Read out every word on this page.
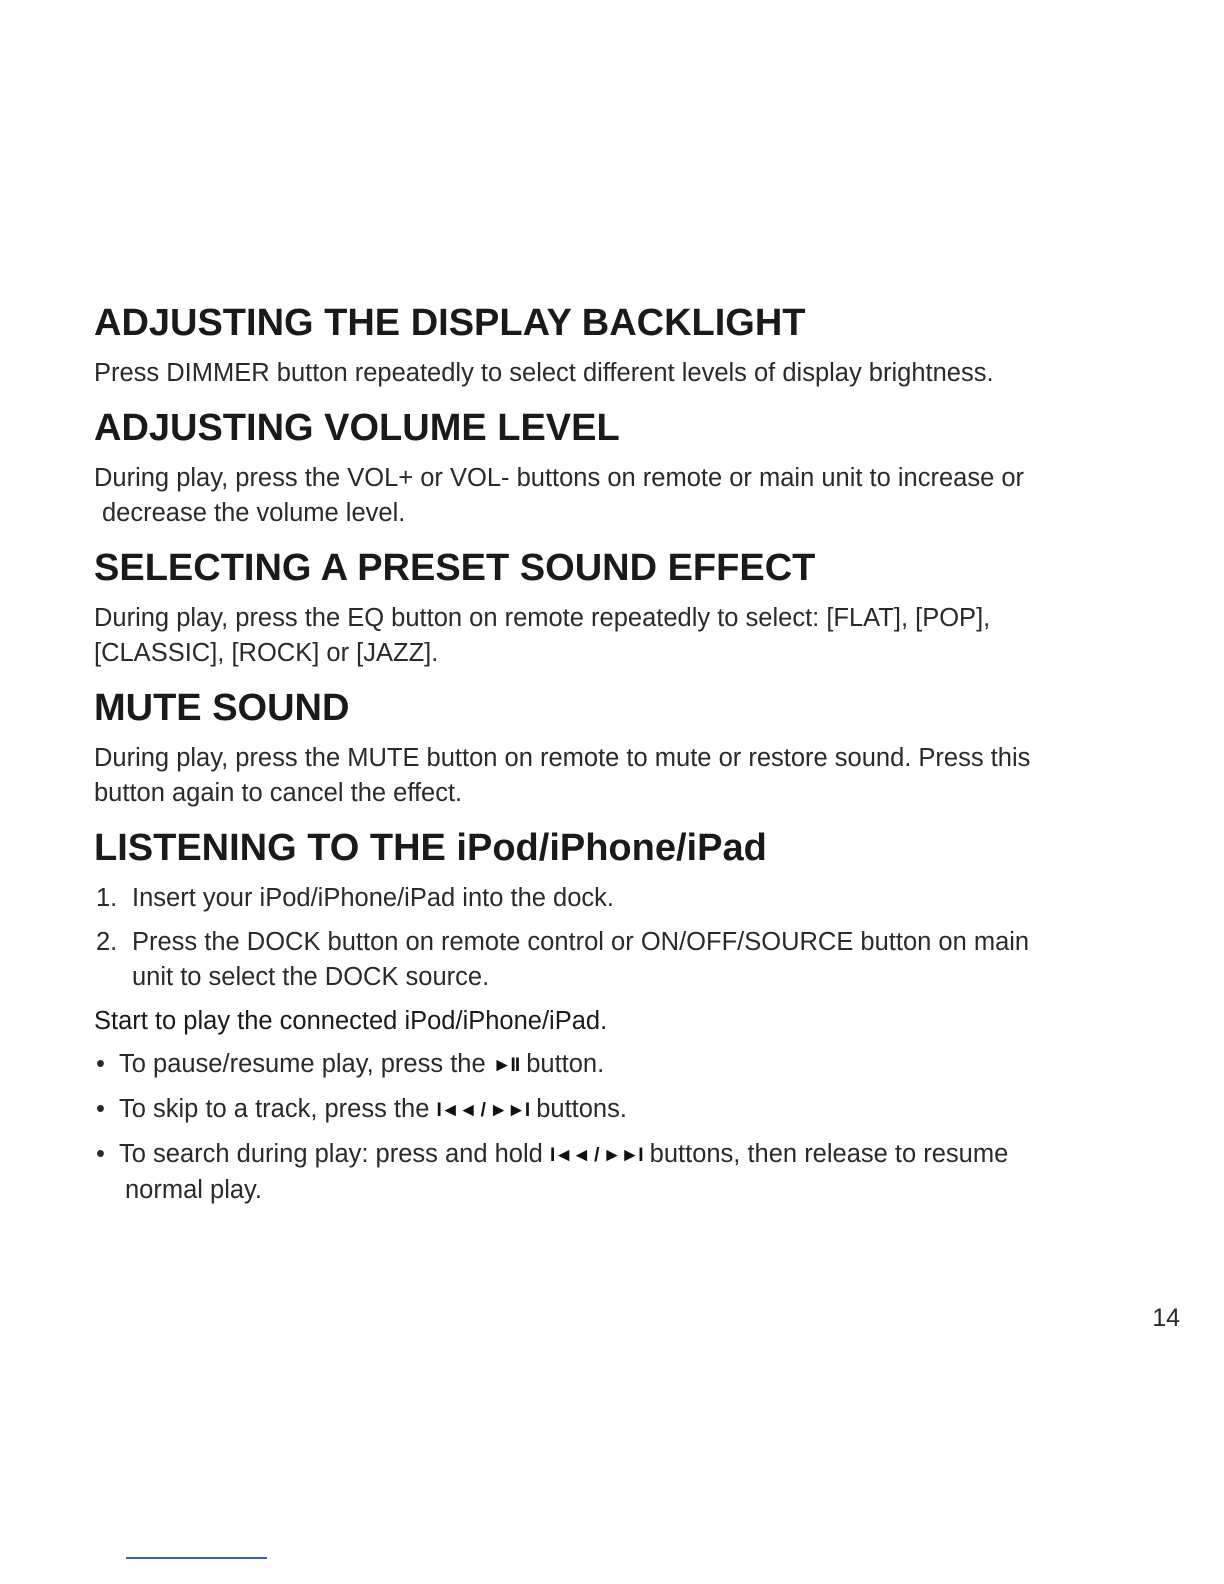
ADJUSTING THE DISPLAY BACKLIGHT

Press DIMMER button repeatedly to select different levels of display brightness.

ADJUSTING VOLUME LEVEL

During play, press the VOL+ or VOL- buttons on remote or main unit to increase or
decrease the volume level.

SELECTING A PRESET SOUND EFFECT

During play, press the EQ button on remote repeatedly to select: [FLAT], [POP],
[CLASSIC], [ROCK] or [JAZZ].

MUTE SOUND

During play, press the MUTE button on remote to mute or restore sound. Press this
button again to cancel the effect.

LISTENING TO THE iPod/iPhone/iPad
1. Insert your iPod/iPhone/iPad into the dock.
2. Press the DOCK button on remote control or ON/OFF/SOURCE button on main
unit to select the DOCK source.

Start to play the connected iPod/iPhone/iPad.

• To pause/resume play, press the ►II button.
• To skip to a track, press the I◄◄ / ►►I buttons.
• To search during play: press and hold I◄◄ / ►►I buttons, then release to resume

normal play.
14
